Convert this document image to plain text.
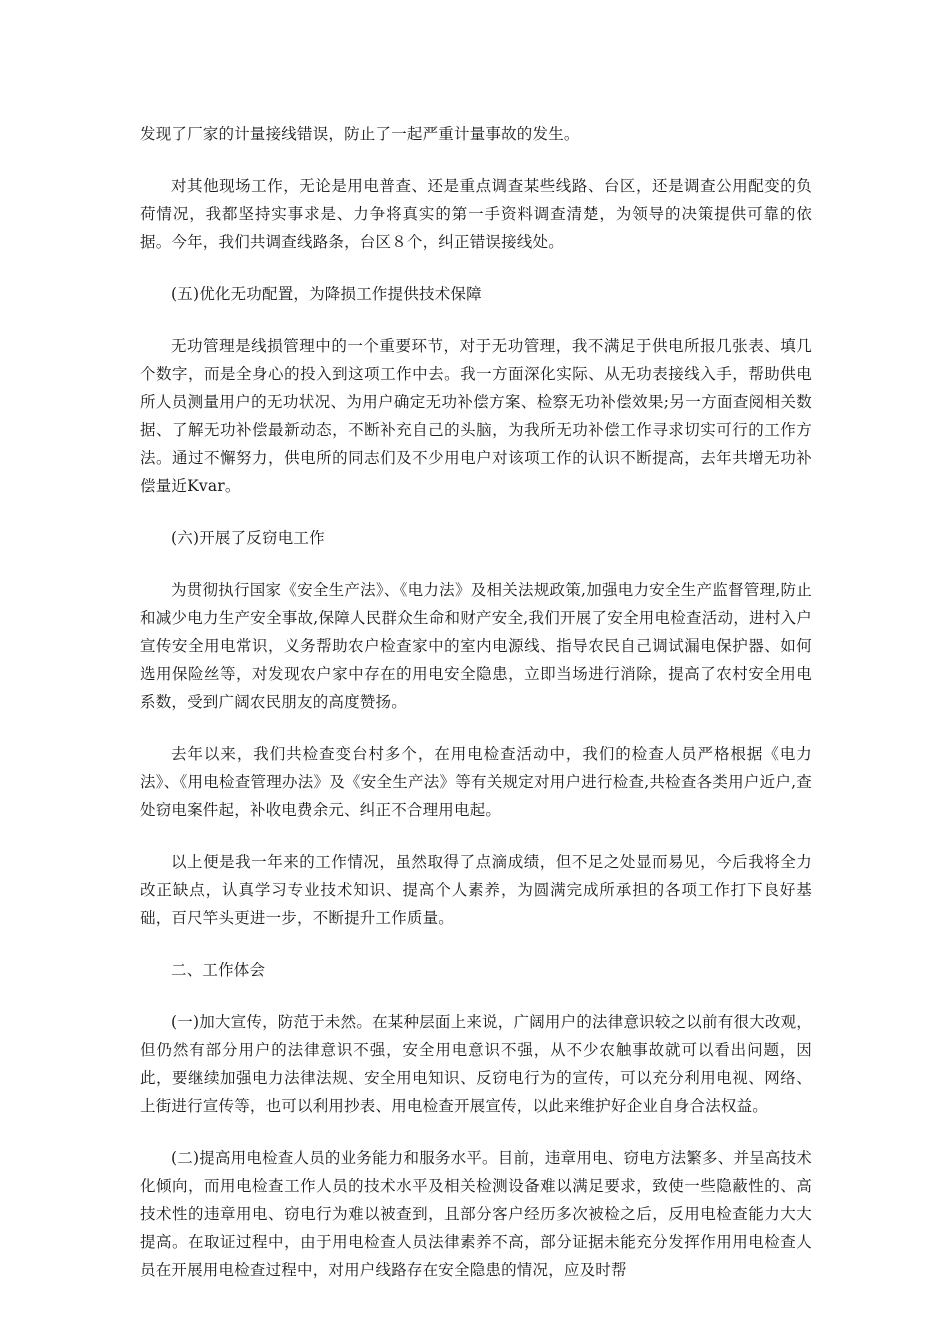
发现了厂家的计量接线错误，防止了一起严重计量事故的发生。

对其他现场工作，无论是用电普查、还是重点调查某些线路、台区，还是调查公用配变的负荷情况，我都坚持实事求是、力争将真实的第一手资料调查清楚，为领导的决策提供可靠的依据。今年，我们共调查线路条，台区８个，纠正错误接线处。

(五)优化无功配置，为降损工作提供技术保障

无功管理是线损管理中的一个重要环节，对于无功管理，我不满足于供电所报几张表、填几个数字，而是全身心的投入到这项工作中去。我一方面深化实际、从无功表接线入手，帮助供电所人员测量用户的无功状况、为用户确定无功补偿方案、检察无功补偿效果;另一方面查阅相关数据、了解无功补偿最新动态，不断补充自己的头脑，为我所无功补偿工作寻求切实可行的工作方法。通过不懈努力，供电所的同志们及不少用电户对该项工作的认识不断提高，去年共增无功补偿量近Kvar。

(六)开展了反窃电工作

为贯彻执行国家《安全生产法》、《电力法》及相关法规政策,加强电力安全生产监督管理,防止和减少电力生产安全事故,保障人民群众生命和财产安全,我们开展了安全用电检查活动，进村入户宣传安全用电常识，义务帮助农户检查家中的室内电源线、指导农民自己调试漏电保护器、如何选用保险丝等，对发现农户家中存在的用电安全隐患，立即当场进行消除，提高了农村安全用电系数，受到广阔农民朋友的高度赞扬。

去年以来，我们共检查变台村多个，在用电检查活动中，我们的检查人员严格根据《电力法》、《用电检查管理办法》及《安全生产法》等有关规定对用户进行检查,共检查各类用户近户,查处窃电案件起，补收电费余元、纠正不合理用电起。

以上便是我一年来的工作情况，虽然取得了点滴成绩，但不足之处显而易见，今后我将全力改正缺点，认真学习专业技术知识、提高个人素养，为圆满完成所承担的各项工作打下良好基础，百尺竿头更进一步，不断提升工作质量。

二、工作体会

(一)加大宣传，防范于未然。在某种层面上来说，广阔用户的法律意识较之以前有很大改观，但仍然有部分用户的法律意识不强，安全用电意识不强，从不少农触事故就可以看出问题，因此，要继续加强电力法律法规、安全用电知识、反窃电行为的宣传，可以充分利用电视、网络、上街进行宣传等，也可以利用抄表、用电检查开展宣传，以此来维护好企业自身合法权益。

(二)提高用电检查人员的业务能力和服务水平。目前，违章用电、窃电方法繁多、并呈高技术化倾向，而用电检查工作人员的技术水平及相关检测设备难以满足要求，致使一些隐蔽性的、高技术性的违章用电、窃电行为难以被查到，且部分客户经历多次被检之后，反用电检查能力大大提高。在取证过程中，由于用电检查人员法律素养不高，部分证据未能充分发挥作用用电检查人员在开展用电检查过程中，对用户线路存在安全隐患的情况，应及时帮
